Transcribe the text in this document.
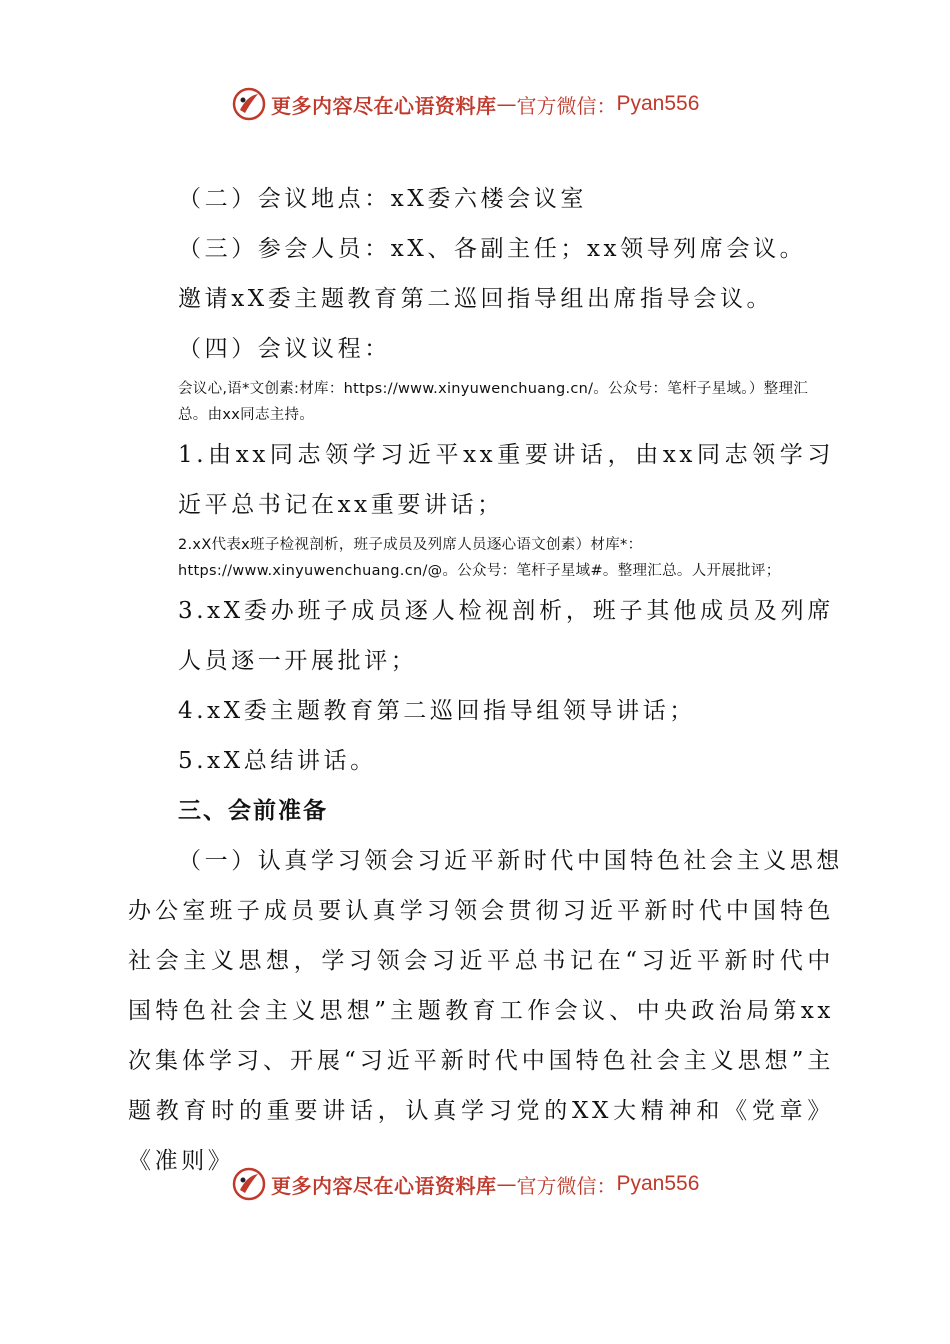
更多内容尽在心语资料库 — 官方微信： Pyan556

（二）会议地点：xX委六楼会议室

（三）参会人员：xX、各副主任；xx领导列席会议。

邀请xX委主题教育第二巡回指导组出席指导会议。

（四）会议议程：

会议心,语*文创素:材库：https://www.xinyuwenchuang.cn/。公众号：笔杆子星域。）整理汇总。由xx同志主持。

1.由xx同志领学习近平xx重要讲话，由xx同志领学习近平总书记在xx重要讲话；

2.xX代表x班子检视剖析，班子成员及列席人员逐心语文创素）材库*：https://www.xinyuwenchuang.cn/@。公众号：笔杆子星域#。整理汇总。人开展批评；

3.xX委办班子成员逐人检视剖析，班子其他成员及列席人员逐一开展批评；

4.xX委主题教育第二巡回指导组领导讲话；

5.xX总结讲话。

三、会前准备

（一）认真学习领会习近平新时代中国特色社会主义思想

办公室班子成员要认真学习领会贯彻习近平新时代中国特色社会主义思想，学习领会习近平总书记在“习近平新时代中国特色社会主义思想”主题教育工作会议、中央政治局第xx次集体学习、开展“习近平新时代中国特色社会主义思想”主题教育时的重要讲话，认真学习党的XX大精神和《党章》《准则》

更多内容尽在心语资料库 — 官方微信： Pyan556
